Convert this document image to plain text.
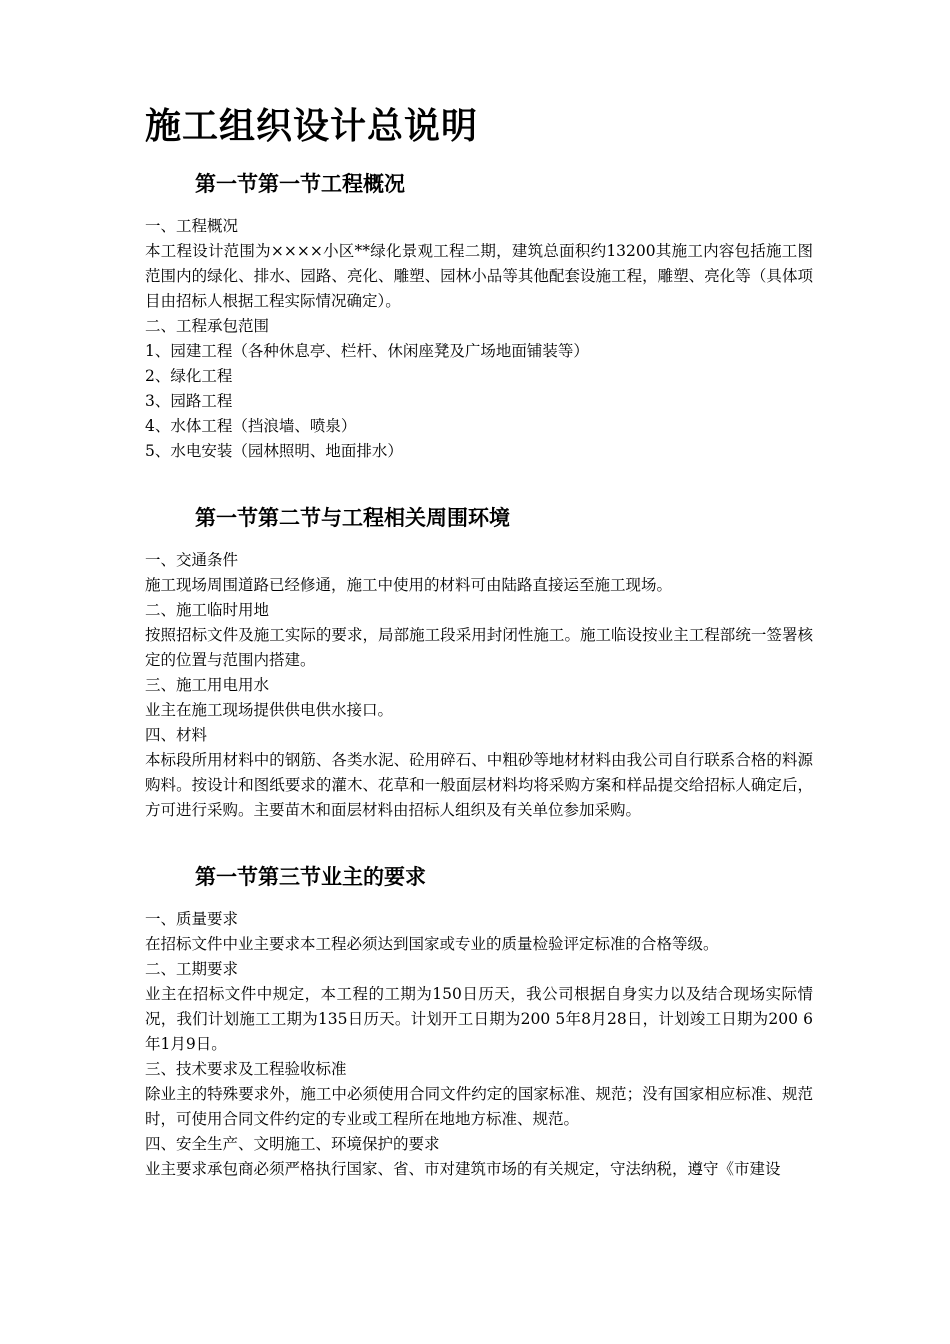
施工组织设计总说明
第一节第一节工程概况

一、工程概况

本工程设计范围为××××小区**绿化景观工程二期，建筑总面积约13200其施工内容包括施工图范围内的绿化、排水、园路、亮化、雕塑、园林小品等其他配套设施工程，雕塑、亮化等（具体项目由招标人根据工程实际情况确定）。

二、工程承包范围

1、园建工程（各种休息亭、栏杆、休闲座凳及广场地面铺装等）

2、绿化工程

3、园路工程

4、水体工程（挡浪墙、喷泉）

5、水电安装（园林照明、地面排水）

第一节第二节与工程相关周围环境

一、交通条件

施工现场周围道路已经修通，施工中使用的材料可由陆路直接运至施工现场。

二、施工临时用地

按照招标文件及施工实际的要求，局部施工段采用封闭性施工。施工临设按业主工程部统一签署核定的位置与范围内搭建。

三、施工用电用水

业主在施工现场提供供电供水接口。

四、材料

本标段所用材料中的钢筋、各类水泥、砼用碎石、中粗砂等地材材料由我公司自行联系合格的料源购料。按设计和图纸要求的灌木、花草和一般面层材料均将采购方案和样品提交给招标人确定后，方可进行采购。主要苗木和面层材料由招标人组织及有关单位参加采购。

第一节第三节业主的要求

一、质量要求

在招标文件中业主要求本工程必须达到国家或专业的质量检验评定标准的合格等级。

二、工期要求

业主在招标文件中规定，本工程的工期为150日历天，我公司根据自身实力以及结合现场实际情况，我们计划施工工期为135日历天。计划开工日期为200 5年8月28日，计划竣工日期为200 6年1月9日。

三、技术要求及工程验收标准

除业主的特殊要求外，施工中必须使用合同文件约定的国家标准、规范；没有国家相应标准、规范时，可使用合同文件约定的专业或工程所在地地方标准、规范。

四、安全生产、文明施工、环境保护的要求

业主要求承包商必须严格执行国家、省、市对建筑市场的有关规定，守法纳税，遵守《市建设
